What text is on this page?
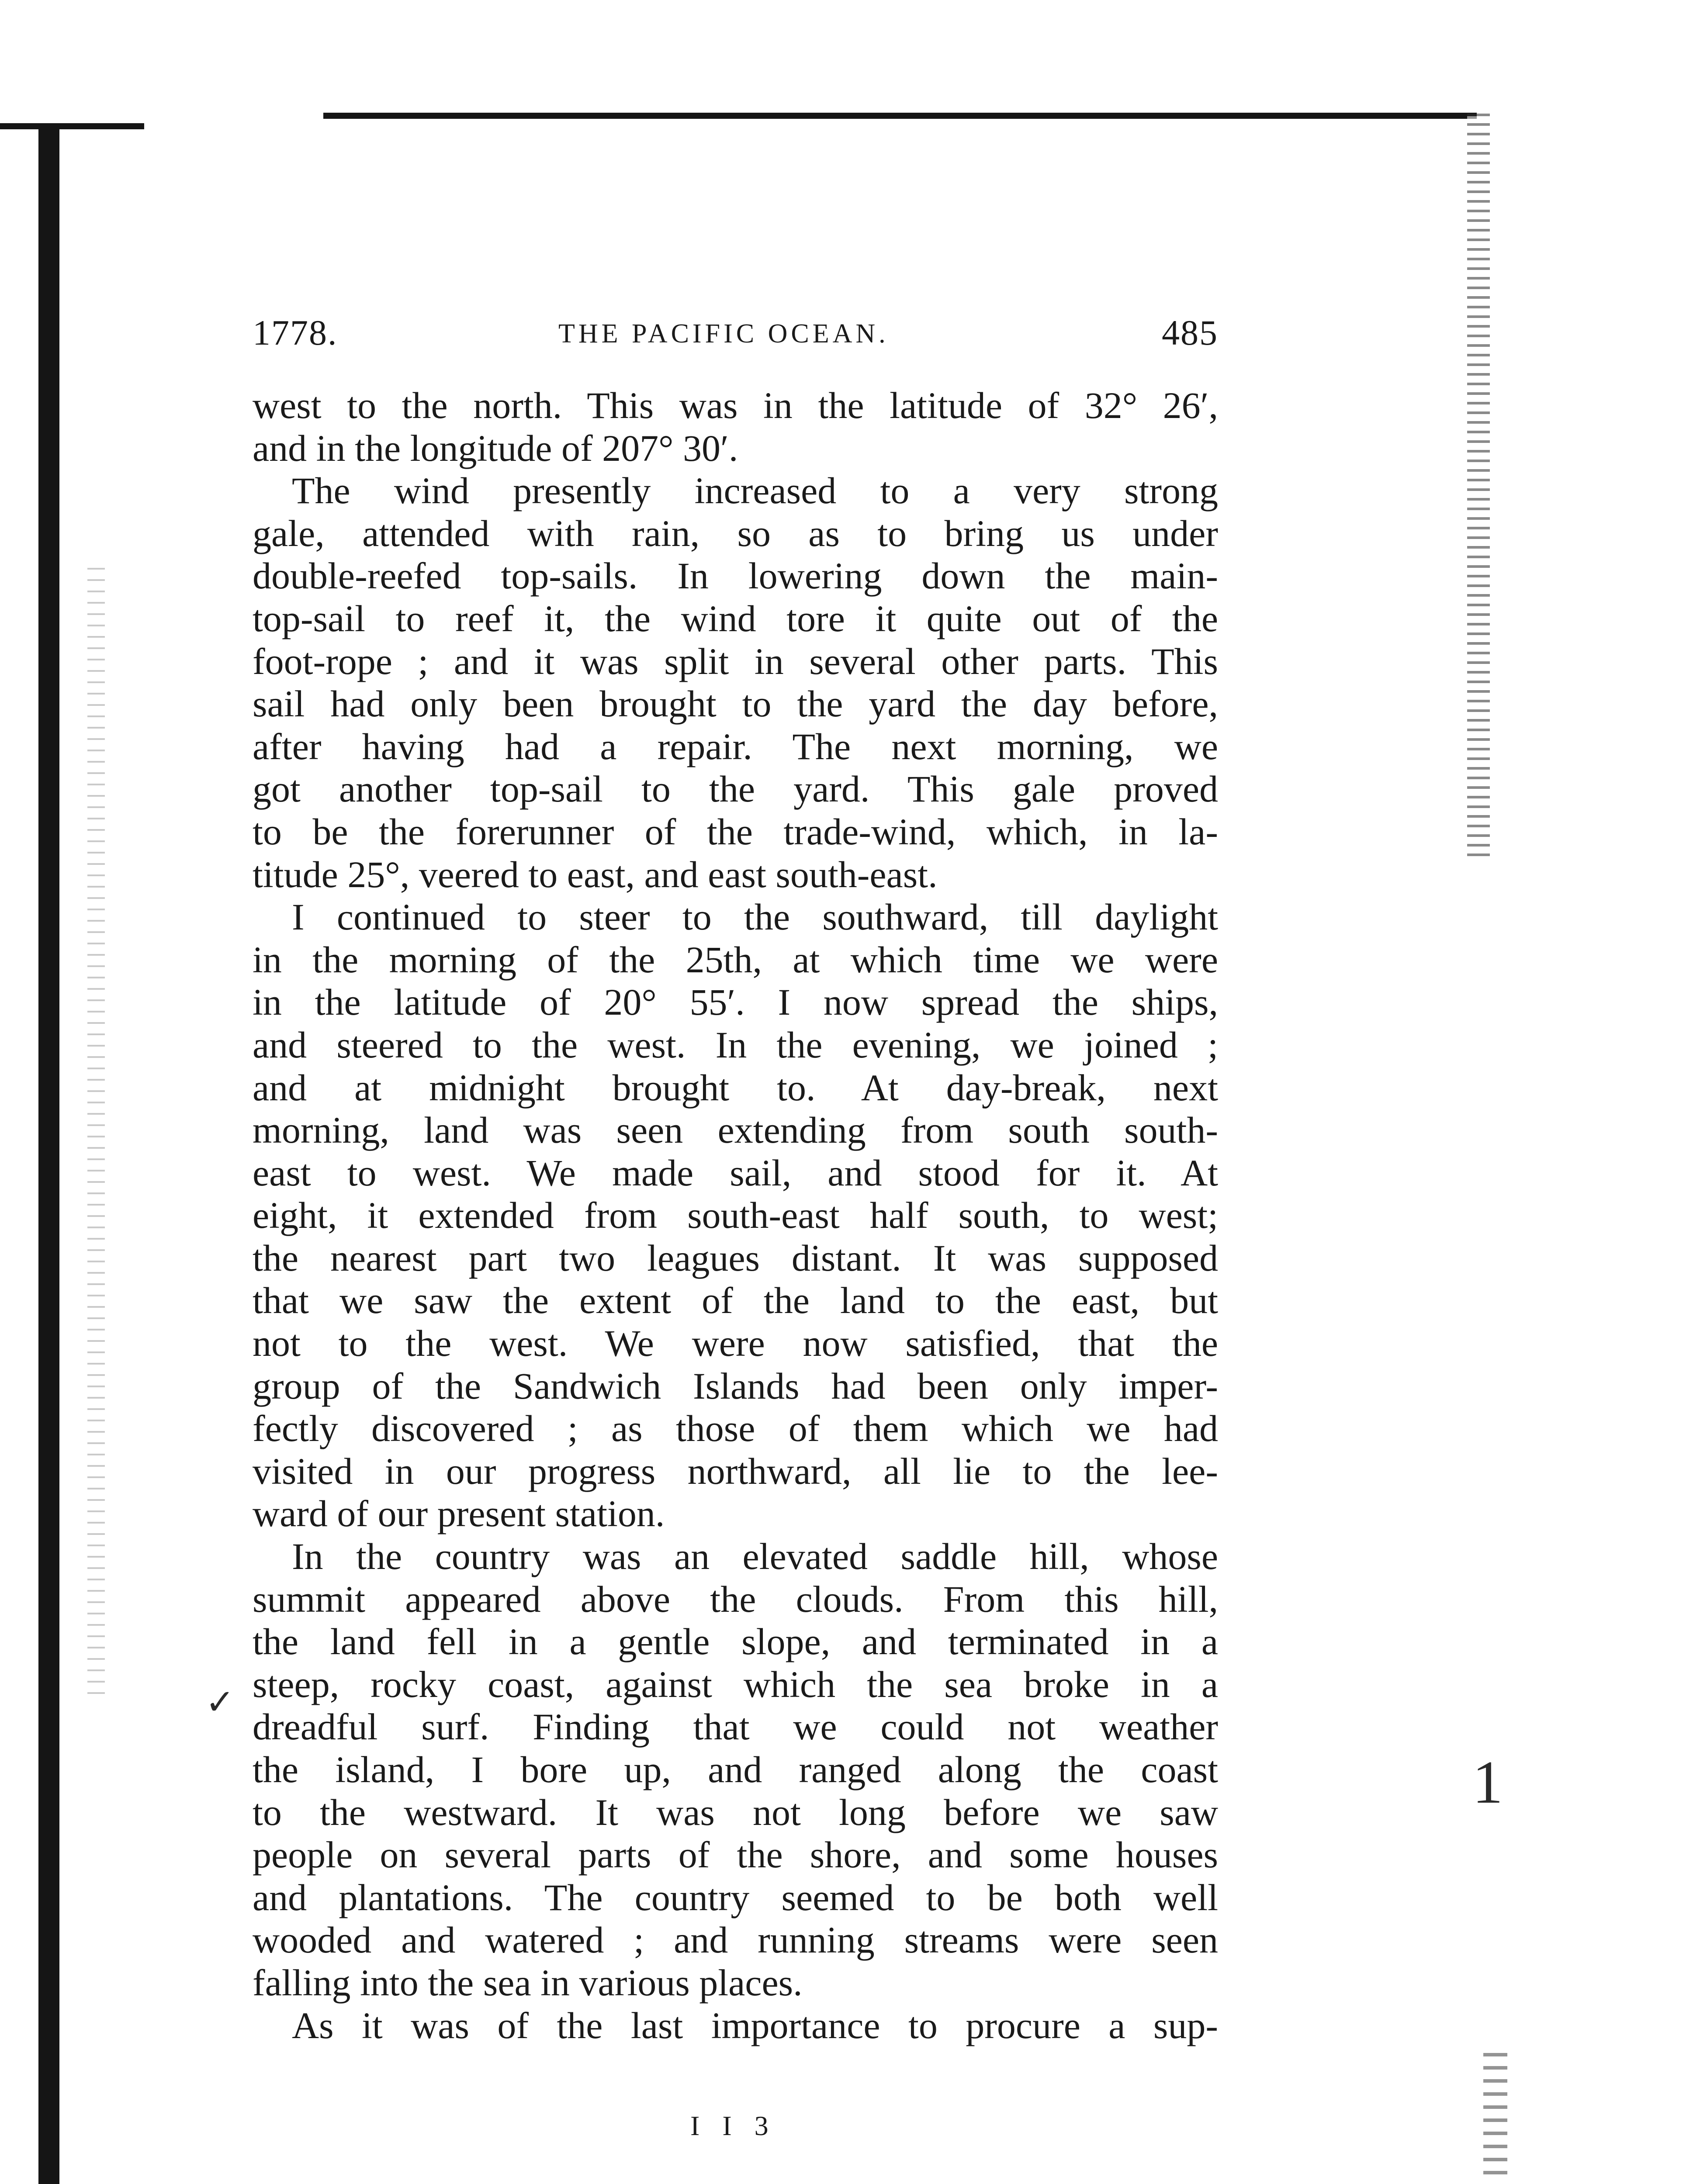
1778.	THE PACIFIC OCEAN.	485
west to the north. This was in the latitude of 32° 26′,
and in the longitude of 207° 30′.
The wind presently increased to a very strong
gale, attended with rain, so as to bring us under
double-reefed top-sails. In lowering down the main-
top-sail to reef it, the wind tore it quite out of the
foot-rope ; and it was split in several other parts. This
sail had only been brought to the yard the day before,
after having had a repair. The next morning, we
got another top-sail to the yard. This gale proved
to be the forerunner of the trade-wind, which, in la-
titude 25°, veered to east, and east south-east.
I continued to steer to the southward, till daylight
in the morning of the 25th, at which time we were
in the latitude of 20° 55′. I now spread the ships,
and steered to the west. In the evening, we joined ;
and at midnight brought to. At day-break, next
morning, land was seen extending from south south-
east to west. We made sail, and stood for it. At
eight, it extended from south-east half south, to west;
the nearest part two leagues distant. It was supposed
that we saw the extent of the land to the east, but
not to the west. We were now satisfied, that the
group of the Sandwich Islands had been only imper-
fectly discovered ; as those of them which we had
visited in our progress northward, all lie to the lee-
ward of our present station.
In the country was an elevated saddle hill, whose
summit appeared above the clouds. From this hill,
the land fell in a gentle slope, and terminated in a
steep, rocky coast, against which the sea broke in a
dreadful surf. Finding that we could not weather
the island, I bore up, and ranged along the coast
to the westward. It was not long before we saw
people on several parts of the shore, and some houses
and plantations. The country seemed to be both well
wooded and watered ; and running streams were seen
falling into the sea in various places.
As it was of the last importance to procure a sup-
I I 3
1
✓
